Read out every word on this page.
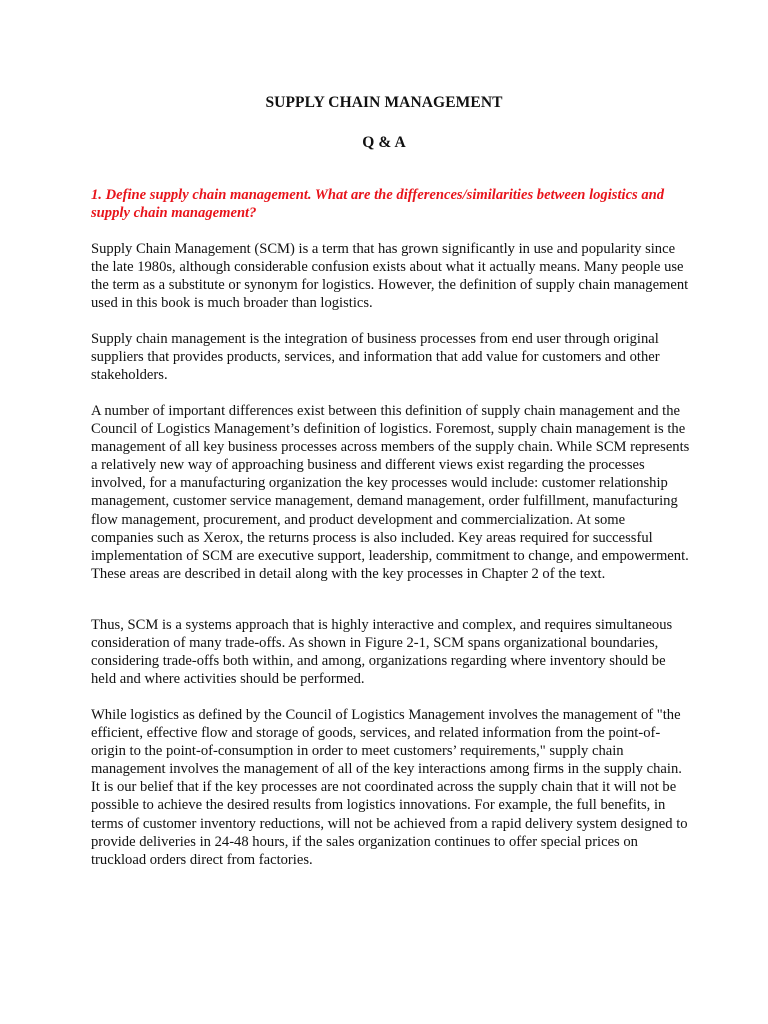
SUPPLY CHAIN MANAGEMENT
Q & A

1. Define supply chain management. What are the differences/similarities between logistics and supply chain management?

Supply Chain Management (SCM) is a term that has grown significantly in use and popularity since the late 1980s, although considerable confusion exists about what it actually means. Many people use the term as a substitute or synonym for logistics. However, the definition of supply chain management used in this book is much broader than logistics.

Supply chain management is the integration of business processes from end user through original suppliers that provides products, services, and information that add value for customers and other stakeholders.

A number of important differences exist between this definition of supply chain management and the Council of Logistics Management’s definition of logistics. Foremost, supply chain management is the management of all key business processes across members of the supply chain. While SCM represents a relatively new way of approaching business and different views exist regarding the processes involved, for a manufacturing organization the key processes would include: customer relationship management, customer service management, demand management, order fulfillment, manufacturing flow management, procurement, and product development and commercialization. At some companies such as Xerox, the returns process is also included. Key areas required for successful implementation of SCM are executive support, leadership, commitment to change, and empowerment. These areas are described in detail along with the key processes in Chapter 2 of the text.

Thus, SCM is a systems approach that is highly interactive and complex, and requires simultaneous consideration of many trade-offs. As shown in Figure 2-1, SCM spans organizational boundaries, considering trade-offs both within, and among, organizations regarding where inventory should be held and where activities should be performed.

While logistics as defined by the Council of Logistics Management involves the management of "the efficient, effective flow and storage of goods, services, and related information from the point-of-origin to the point-of-consumption in order to meet customers’ requirements," supply chain management involves the management of all of the key interactions among firms in the supply chain. It is our belief that if the key processes are not coordinated across the supply chain that it will not be possible to achieve the desired results from logistics innovations. For example, the full benefits, in terms of customer inventory reductions, will not be achieved from a rapid delivery system designed to provide deliveries in 24-48 hours, if the sales organization continues to offer special prices on truckload orders direct from factories.
